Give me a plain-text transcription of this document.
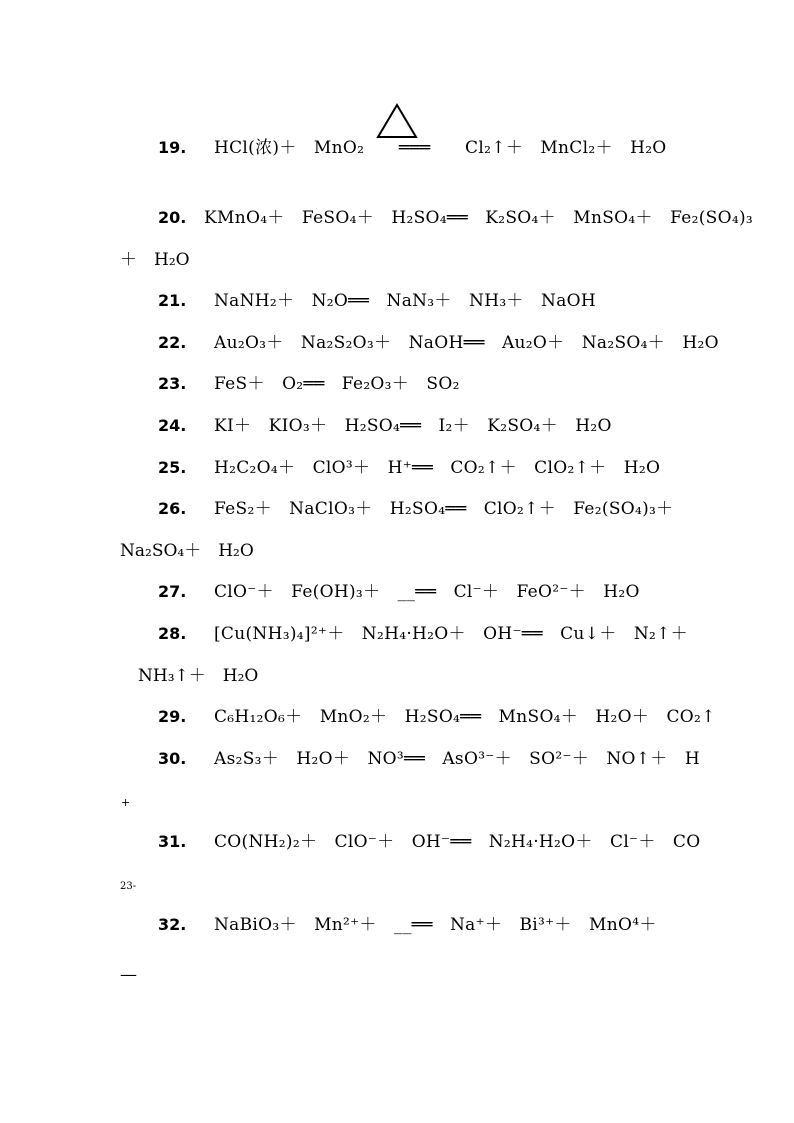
19. HCl(浓)＋　MnO₂　　═══　　Cl₂↑＋　MnCl₂＋　H₂O
20. KMnO₄＋　FeSO₄＋　H₂SO₄══　K₂SO₄＋　MnSO₄＋　Fe₂(SO₄)₃
＋　H₂O
21. NaNH₂＋　N₂O══　NaN₃＋　NH₃＋　NaOH
22. Au₂O₃＋　Na₂S₂O₃＋　NaOH══　Au₂O＋　Na₂SO₄＋　H₂O
23. FeS＋　O₂══　Fe₂O₃＋　SO₂
24. KI＋　KIO₃＋　H₂SO₄══　I₂＋　K₂SO₄＋　H₂O
25. H₂C₂O₄＋　ClO³＋　H⁺══　CO₂↑＋　ClO₂↑＋　H₂O
26. FeS₂＋　NaClO₃＋　H₂SO₄══　ClO₂↑＋　Fe₂(SO₄)₃＋
Na₂SO₄＋　H₂O
27. ClO⁻＋　Fe(OH)₃＋　__══　Cl⁻＋　FeO²⁻＋　H₂O
28. [Cu(NH₃)₄]²⁺＋　N₂H₄·H₂O＋　OH⁻══　Cu↓＋　N₂↑＋
NH₃↑＋　H₂O
29. C₆H₁₂O₆＋　MnO₂＋　H₂SO₄══　MnSO₄＋　H₂O＋　CO₂↑
30. As₂S₃＋　H₂O＋　NO³══　AsO³⁻＋　SO²⁻＋　NO↑＋　H
+
31. CO(NH₂)₂＋　ClO⁻＋　OH⁻══　N₂H₄·H₂O＋　Cl⁻＋　CO
23-
32. NaBiO₃＋　Mn²⁺＋　__══　Na⁺＋　Bi³⁺＋　MnO⁴＋
—
